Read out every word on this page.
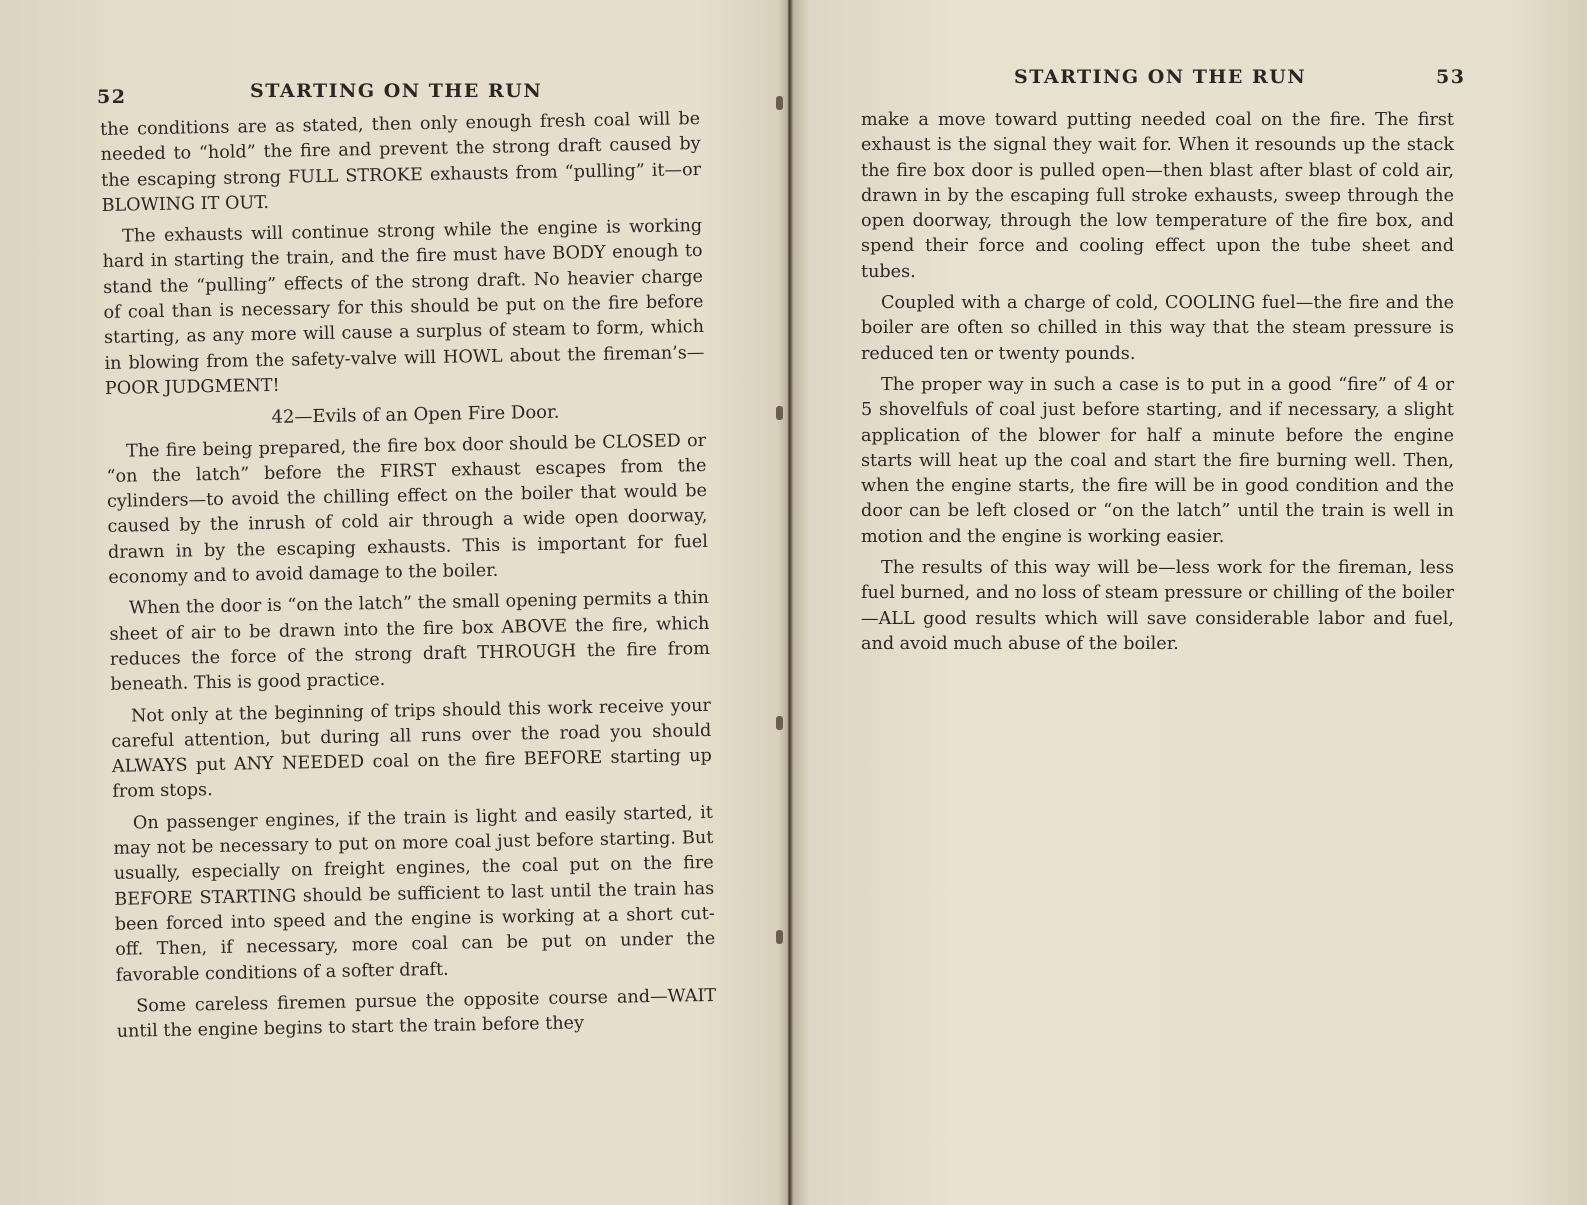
52	STARTING ON THE RUN

the conditions are as stated, then only enough fresh coal will be needed to “hold” the fire and prevent the strong draft caused by the escaping strong FULL STROKE exhausts from “pulling” it—or BLOWING IT OUT.

The exhausts will continue strong while the engine is working hard in starting the train, and the fire must have BODY enough to stand the “pulling” effects of the strong draft. No heavier charge of coal than is necessary for this should be put on the fire before starting, as any more will cause a surplus of steam to form, which in blowing from the safety-valve will HOWL about the fireman’s—POOR JUDGMENT!

42—Evils of an Open Fire Door.

The fire being prepared, the fire box door should be CLOSED or “on the latch” before the FIRST exhaust escapes from the cylinders—to avoid the chilling effect on the boiler that would be caused by the inrush of cold air through a wide open doorway, drawn in by the escaping exhausts. This is important for fuel economy and to avoid damage to the boiler.

When the door is “on the latch” the small opening permits a thin sheet of air to be drawn into the fire box ABOVE the fire, which reduces the force of the strong draft THROUGH the fire from beneath. This is good practice.

Not only at the beginning of trips should this work receive your careful attention, but during all runs over the road you should ALWAYS put ANY NEEDED coal on the fire BEFORE starting up from stops.

On passenger engines, if the train is light and easily started, it may not be necessary to put on more coal just before starting. But usually, especially on freight engines, the coal put on the fire BEFORE STARTING should be sufficient to last until the train has been forced into speed and the engine is working at a short cut-off. Then, if necessary, more coal can be put on under the favorable conditions of a softer draft.

Some careless firemen pursue the opposite course and—WAIT until the engine begins to start the train before they

STARTING ON THE RUN	53

make a move toward putting needed coal on the fire. The first exhaust is the signal they wait for. When it resounds up the stack the fire box door is pulled open—then blast after blast of cold air, drawn in by the escaping full stroke exhausts, sweep through the open doorway, through the low temperature of the fire box, and spend their force and cooling effect upon the tube sheet and tubes.

Coupled with a charge of cold, COOLING fuel—the fire and the boiler are often so chilled in this way that the steam pressure is reduced ten or twenty pounds.

The proper way in such a case is to put in a good “fire” of 4 or 5 shovelfuls of coal just before starting, and if necessary, a slight application of the blower for half a minute before the engine starts will heat up the coal and start the fire burning well. Then, when the engine starts, the fire will be in good condition and the door can be left closed or “on the latch” until the train is well in motion and the engine is working easier.

The results of this way will be—less work for the fireman, less fuel burned, and no loss of steam pressure or chilling of the boiler—ALL good results which will save considerable labor and fuel, and avoid much abuse of the boiler.
